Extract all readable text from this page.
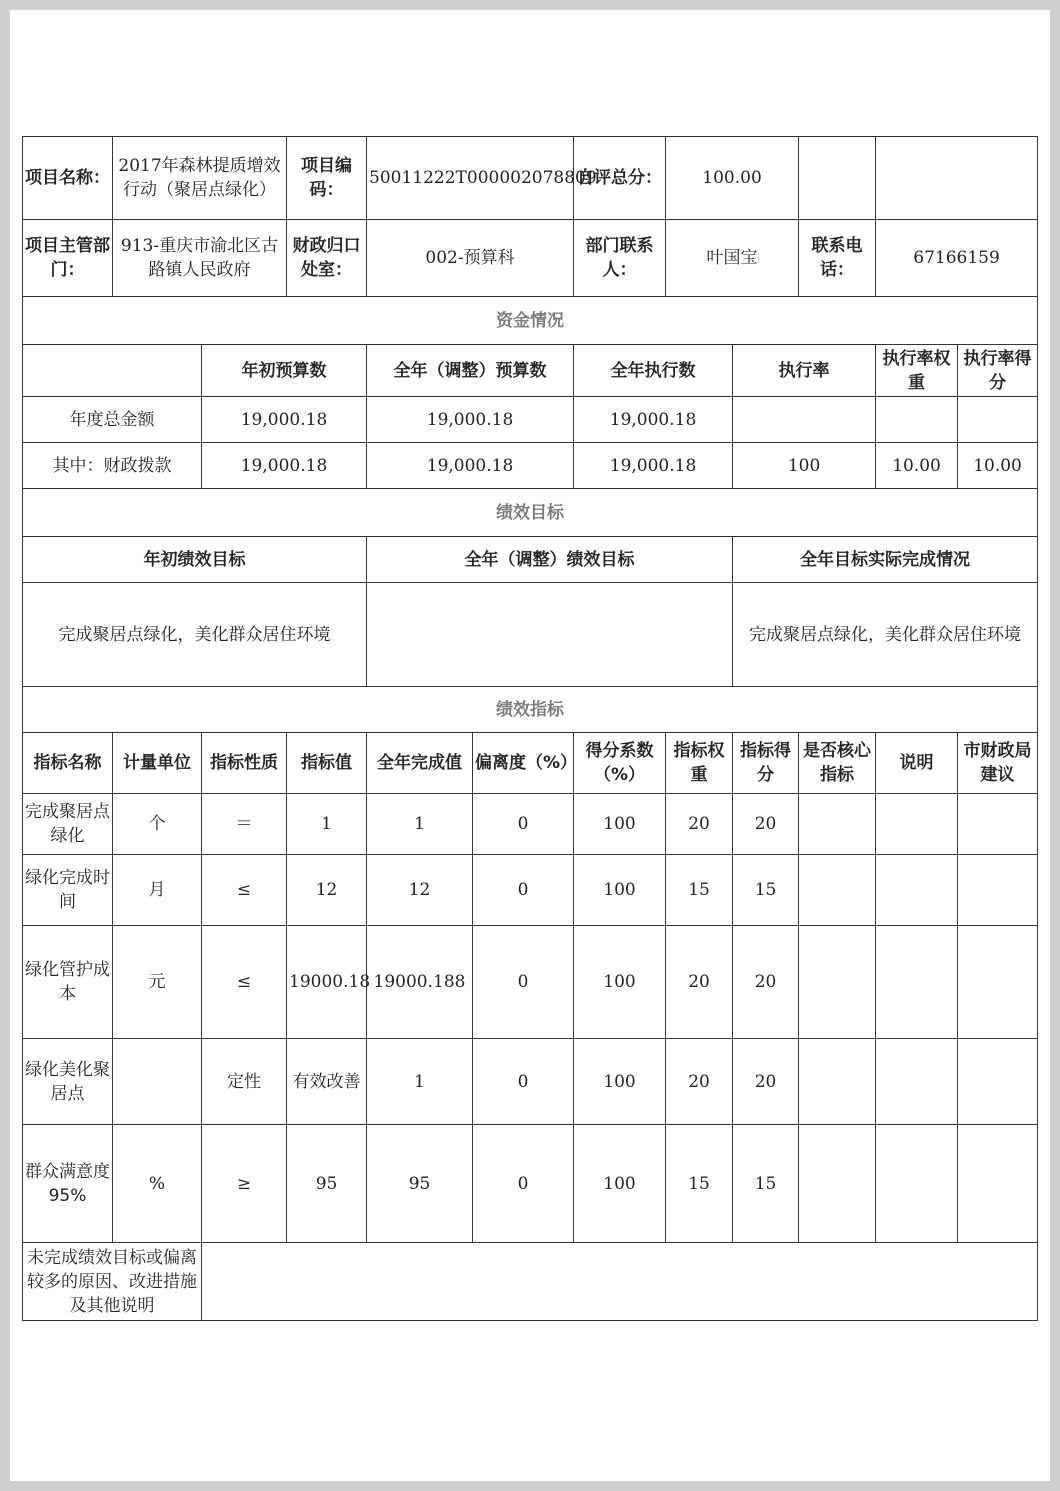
项目名称：	2017年森林提质增效行动（聚居点绿化）		项目编码：	50011222T000002078809		自评总分：	100.00				
项目主管部门：	913-重庆市渝北区古路镇人民政府		财政归口处室：	002-预算科		部门联系人：	叶国宝		联系电话：	67166159	
资金情况											
		年初预算数		全年（调整）预算数		全年执行数		执行率		执行率权重	执行率得分
年度总金额		19,000.18		19,000.18		19,000.18					
其中：财政拨款		19,000.18		19,000.18		19,000.18		100		10.00	10.00
绩效目标											
年初绩效目标				全年（调整）绩效目标				全年目标实际完成情况			
完成聚居点绿化，美化群众居住环境								完成聚居点绿化，美化群众居住环境			
绩效指标											
指标名称	计量单位	指标性质	指标值	全年完成值	偏离度（%）	得分系数（%）	指标权重	指标得分	是否核心指标	说明	市财政局建议
完成聚居点绿化	个	＝	1	1	0	100	20	20			
绿化完成时间	月	≤	12	12	0	100	15	15			
绿化管护成本	元	≤	19000.18	19000.188	0	100	20	20			
绿化美化聚居点		定性	有效改善	1	0	100	20	20			
群众满意度95%	%	≥	95	95	0	100	15	15			
未完成绩效目标或偏离较多的原因、改进措施及其他说明											
